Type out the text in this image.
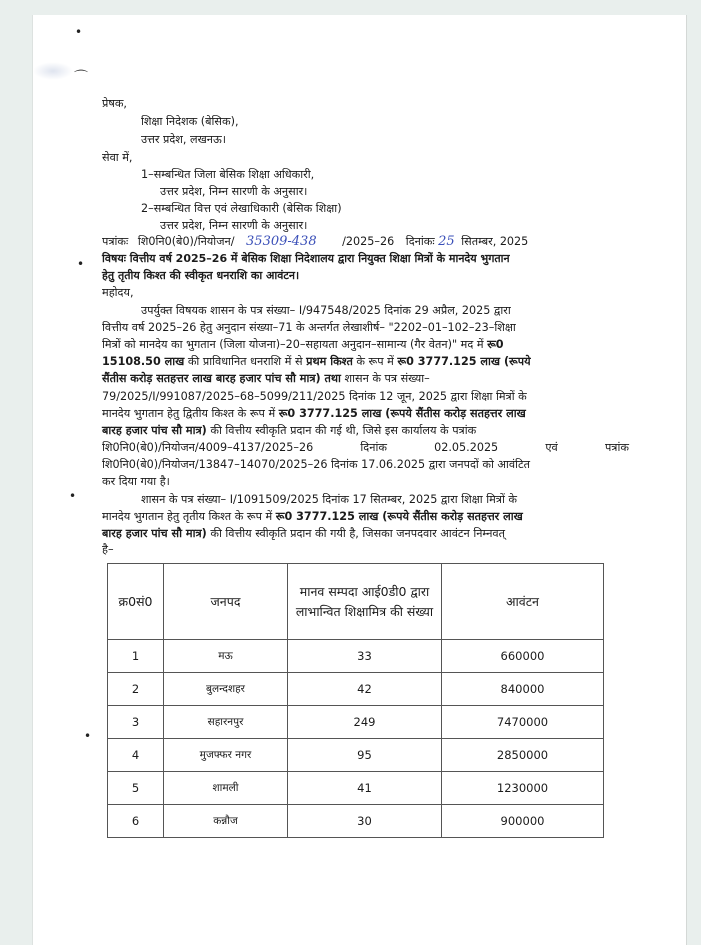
•
⌒
•
•
•
प्रेषक,
शिक्षा निदेशक (बेसिक),
उत्तर प्रदेश, लखनऊ।
सेवा में,
1–सम्बन्धित जिला बेसिक शिक्षा अधिकारी,
उत्तर प्रदेश, निम्न सारणी के अनुसार।
2–सम्बन्धित वित्त एवं लेखाधिकारी (बेसिक शिक्षा)
उत्तर प्रदेश, निम्न सारणी के अनुसार।
पत्रांकः शि0नि0(बे0)/नियोजन/ 35309-438 /2025–26 दिनांकः 25 सितम्बर, 2025
विषयः वित्तीय वर्ष 2025–26 में बेसिक शिक्षा निदेशालय द्वारा नियुक्त शिक्षा मित्रों के मानदेय भुगतान
हेतु तृतीय किश्त की स्वीकृत धनराशि का आवंटन।
महोदय,
उपर्युक्त विषयक शासन के पत्र संख्या– I/947548/2025 दिनांक 29 अप्रैल, 2025 द्वारा
वित्तीय वर्ष 2025–26 हेतु अनुदान संख्या–71 के अन्तर्गत लेखाशीर्ष– "2202–01–102–23–शिक्षा
मित्रों को मानदेय का भुगतान (जिला योजना)–20–सहायता अनुदान–सामान्य (गैर वेतन)" मद में रू0
15108.50 लाख की प्राविधानित धनराशि में से प्रथम किश्त के रूप में रू0 3777.125 लाख (रूपये
सैंतीस करोड़ सतहत्तर लाख बारह हजार पांच सौ मात्र) तथा शासन के पत्र संख्या–
79/2025/I/991087/2025–68–5099/211/2025 दिनांक 12 जून, 2025 द्वारा शिक्षा मित्रों के
मानदेय भुगतान हेतु द्वितीय किश्त के रूप में रू0 3777.125 लाख (रूपये सैंतीस करोड़ सतहत्तर लाख
बारह हजार पांच सौ मात्र) की वित्तीय स्वीकृति प्रदान की गई थी, जिसे इस कार्यालय के पत्रांक
शि0नि0(बे0)/नियोजन/4009–4137/2025–26	दिनांक	02.05.2025	एवं	पत्रांक
शि0नि0(बे0)/नियोजन/13847–14070/2025–26 दिनांक 17.06.2025 द्वारा जनपदों को आवंटित
कर दिया गया है।
शासन के पत्र संख्या– I/1091509/2025 दिनांक 17 सितम्बर, 2025 द्वारा शिक्षा मित्रों के
मानदेय भुगतान हेतु तृतीय किश्त के रूप में रू0 3777.125 लाख (रूपये सैंतीस करोड़ सतहत्तर लाख
बारह हजार पांच सौ मात्र) की वित्तीय स्वीकृति प्रदान की गयी है, जिसका जनपदवार आवंटन निम्नवत्
है–
क्र0सं0	जनपद	मानव सम्पदा आई0डी0 द्वारा लाभान्वित शिक्षामित्र की संख्या	आवंटन
1	मऊ	33	660000
2	बुलन्दशहर	42	840000
3	सहारनपुर	249	7470000
4	मुजफ्फर नगर	95	2850000
5	शामली	41	1230000
6	कन्नौज	30	900000
